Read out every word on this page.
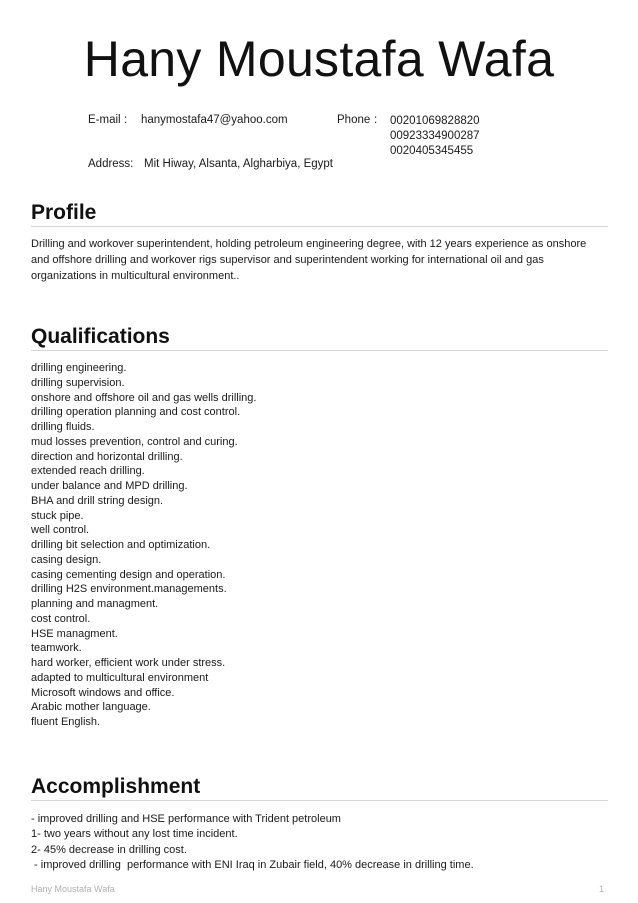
Hany Moustafa Wafa
E-mail : hanymostafa47@yahoo.com	Phone : 00201069828820
00923334900287
0020405345455
Address: Mit Hiway, Alsanta, Algharbiya, Egypt
Profile

Drilling and workover superintendent, holding petroleum engineering degree, with 12 years experience as onshore and offshore drilling and workover rigs supervisor and superintendent working for international oil and gas organizations in multicultural environment..

Qualifications
drilling engineering.
drilling supervision.
onshore and offshore oil and gas wells drilling.
drilling operation planning and cost control.
drilling fluids.
mud losses prevention, control and curing.
direction and horizontal drilling.
extended reach drilling.
under balance and MPD drilling.
BHA and drill string design.
stuck pipe.
well control.
drilling bit selection and optimization.
casing design.
casing cementing design and operation.
drilling H2S environment.managements.
planning and managment.
cost control.
HSE managment.
teamwork.
hard worker, efficient work under stress.
adapted to multicultural environment
Microsoft windows and office.
Arabic mother language.
fluent English.
Accomplishment
- improved drilling and HSE performance with Trident petroleum
1- two years without any lost time incident.
2- 45% decrease in drilling cost.
- improved drilling  performance with ENI Iraq in Zubair field, 40% decrease in drilling time.
Hany Moustafa Wafa	1
